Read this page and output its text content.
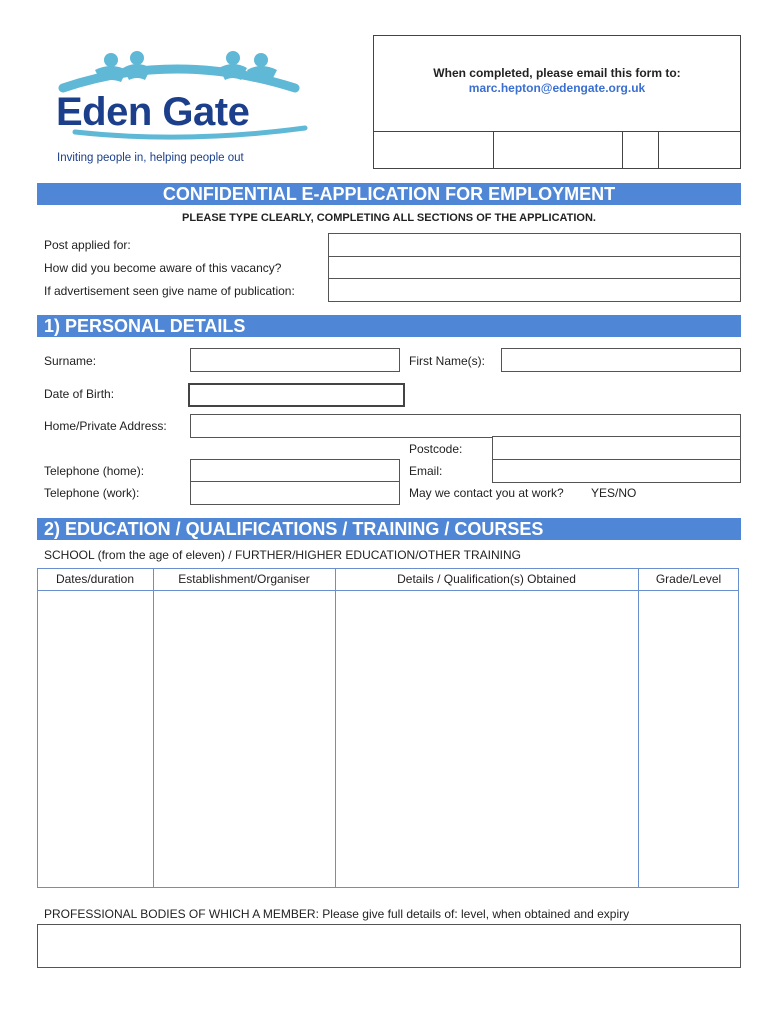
Eden Gate
Inviting people in, helping people out
When completed, please email this form to:
marc.hepton@edengate.org.uk
CONFIDENTIAL E-APPLICATION FOR EMPLOYMENT
PLEASE TYPE CLEARLY, COMPLETING ALL SECTIONS OF THE APPLICATION.
Post applied for:
How did you become aware of this vacancy?
If advertisement seen give name of publication:
1) PERSONAL DETAILS
Surname:	First Name(s):
Date of Birth:
Home/Private Address:
Postcode:
Telephone (home):	Email:
Telephone (work):	May we contact you at work? YES/NO
2) EDUCATION / QUALIFICATIONS / TRAINING / COURSES
SCHOOL (from the age of eleven) / FURTHER/HIGHER EDUCATION/OTHER TRAINING
Dates/duration	Establishment/Organiser	Details / Qualification(s) Obtained	Grade/Level
PROFESSIONAL BODIES OF WHICH A MEMBER: Please give full details of: level, when obtained and expiry
